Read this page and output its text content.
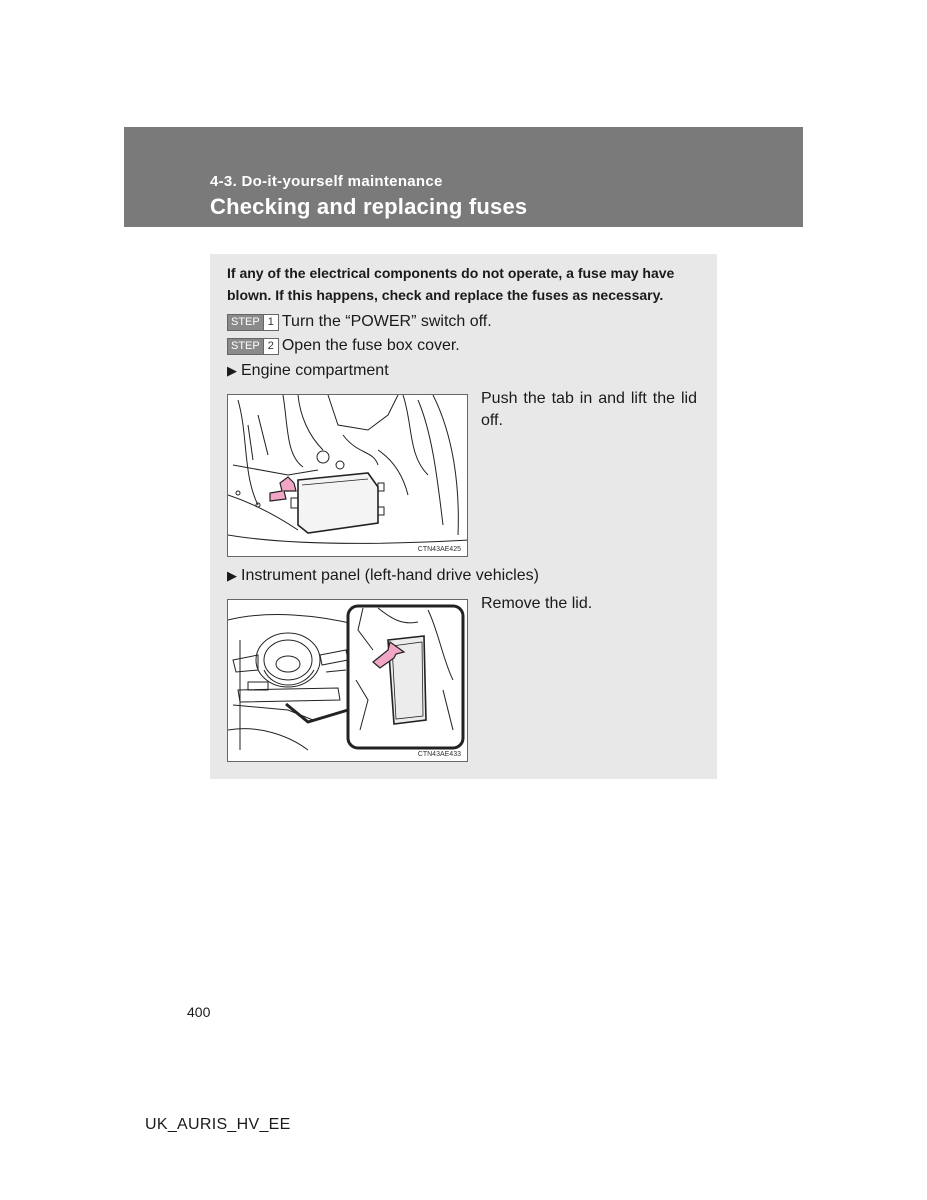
4-3. Do-it-yourself maintenance
Checking and replacing fuses
If any of the electrical components do not operate, a fuse may have blown. If this happens, check and replace the fuses as necessary.
STEP 1 Turn the “POWER” switch off.
STEP 2 Open the fuse box cover.
▶ Engine compartment
CTN43AE425
Push the tab in and lift the lid off.
▶ Instrument panel (left-hand drive vehicles)
CTN43AE433
Remove the lid.
400
UK_AURIS_HV_EE
